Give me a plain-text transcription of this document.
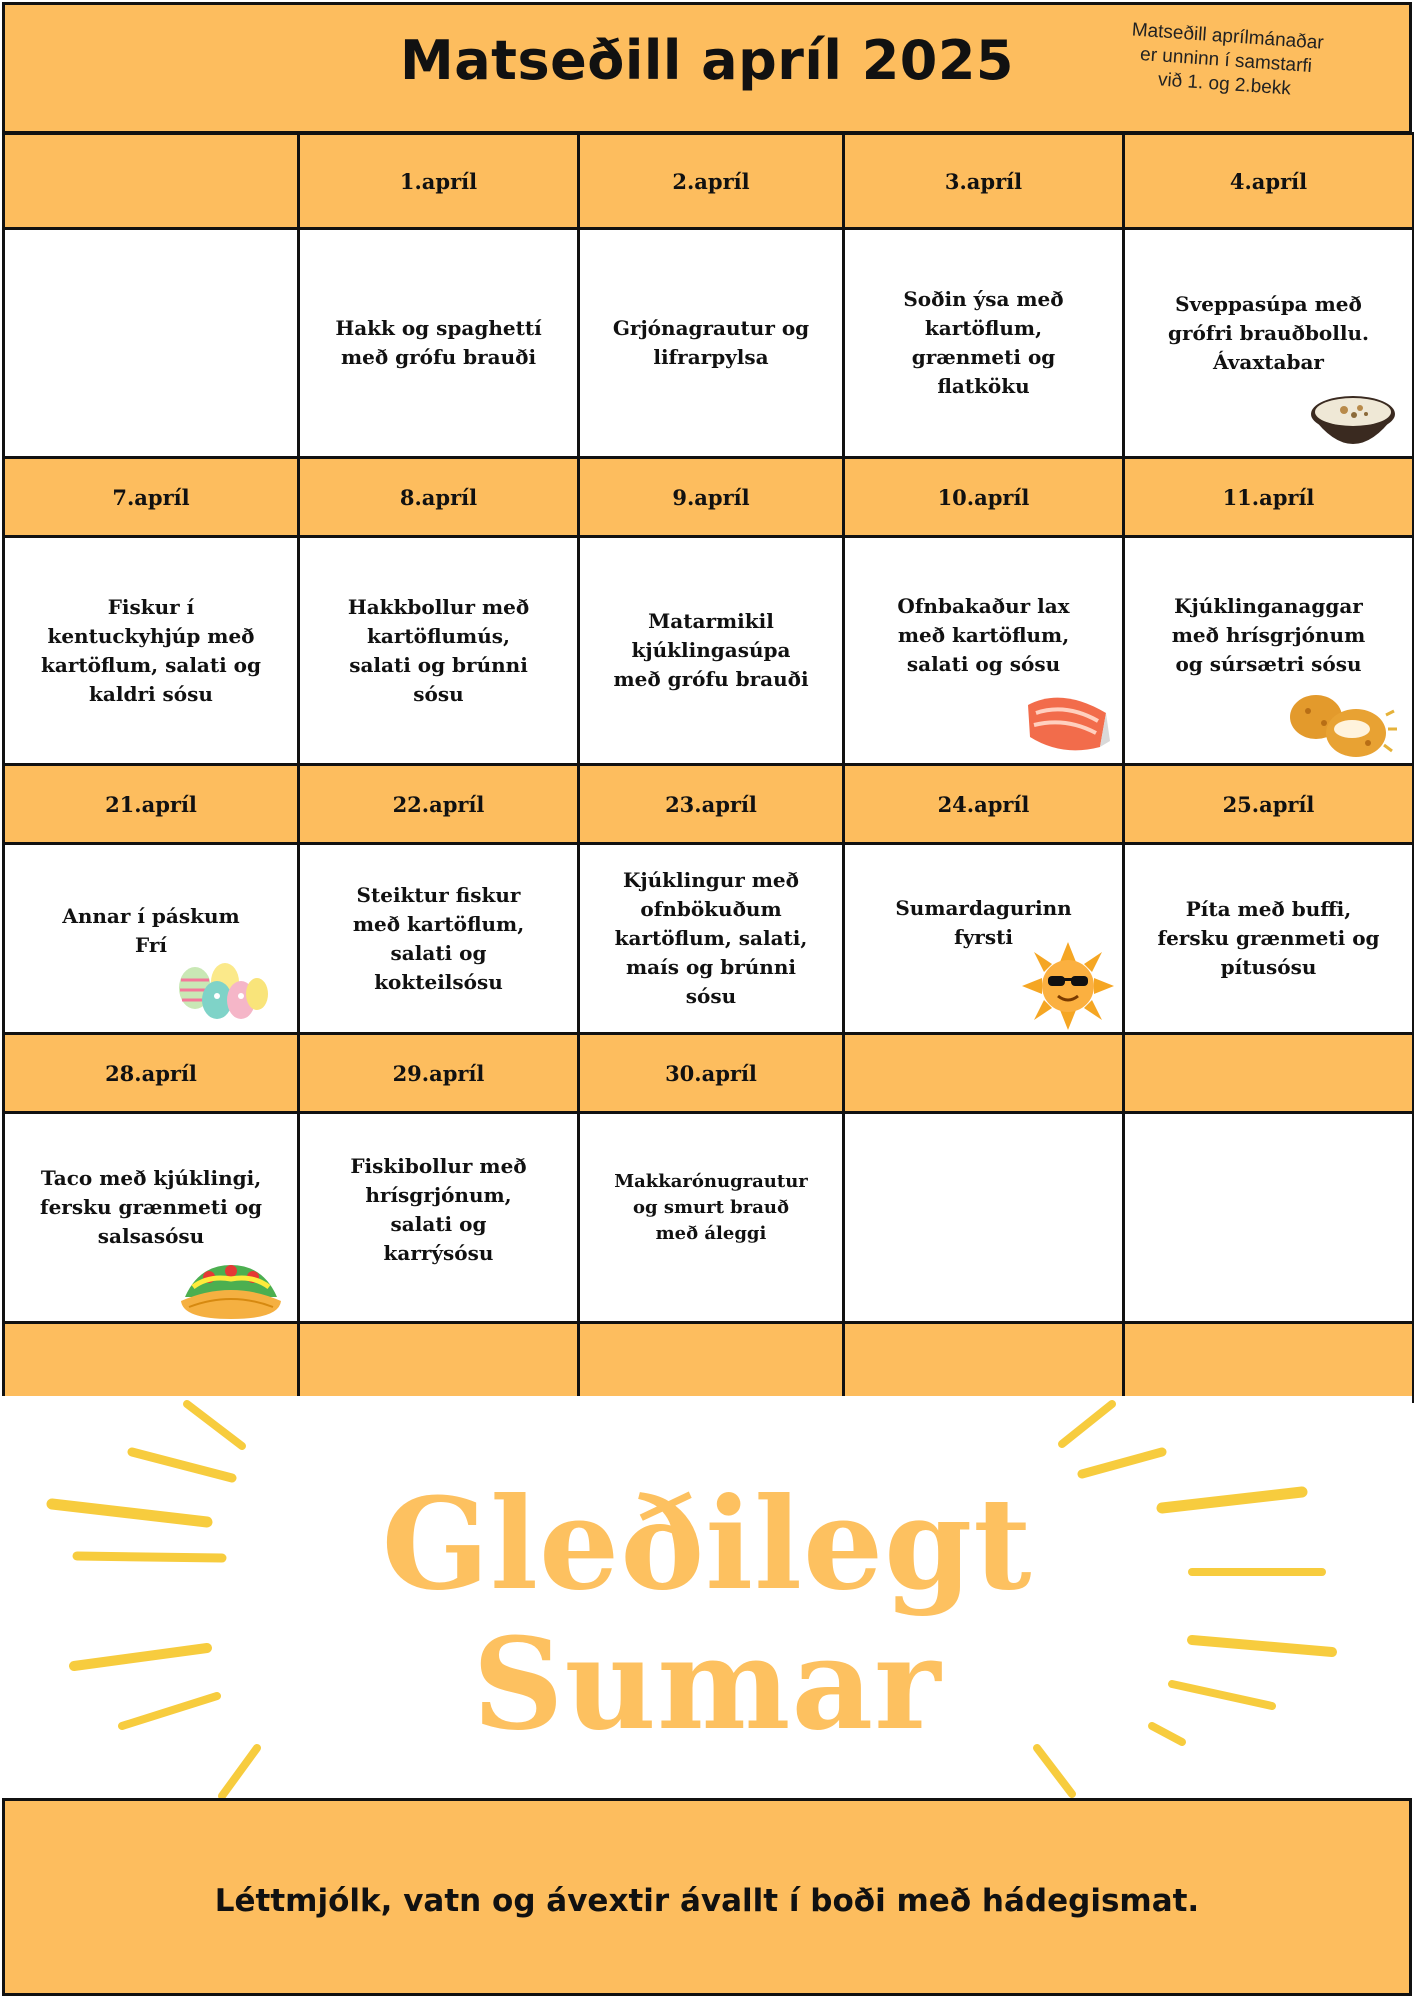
Matseðill apríl 2025	Matseðill aprílmánaðar
er unninn í samstarfi
við 1. og 2.bekk
	1.apríl	2.apríl	3.apríl	4.apríl

	Hakk og spaghettí
með grófu brauði	Grjónagrautur og
lifrarpylsa	Soðin ýsa með
kartöflum,
grænmeti og
flatköku	Sveppasúpa með
grófri brauðbollu.
Ávaxtabar

7.apríl	8.apríl	9.apríl	10.apríl	11.apríl

Fiskur í
kentuckyhjúp með
kartöflum, salati og
kaldri sósu	Hakkbollur með
kartöflumús,
salati og brúnni
sósu	Matarmikil
kjúklingasúpa
með grófu brauði	Ofnbakaður lax
með kartöflum,
salati og sósu	Kjúklinganaggar
með hrísgrjónum
og súrsætri sósu

21.apríl	22.apríl	23.apríl	24.apríl	25.apríl

Annar í páskum
Frí	Steiktur fiskur
með kartöflum,
salati og
kokteilsósu	Kjúklingur með
ofnbökuðum
kartöflum, salati,
maís og brúnni
sósu	Sumardagurinn
fyrsti	Píta með buffi,
fersku grænmeti og
pítusósu

28.apríl	29.apríl	30.apríl		

Taco með kjúklingi,
fersku grænmeti og
salsasósu	Fiskibollur með
hrísgrjónum,
salati og
karrýsósu	Makkarónugrautur
og smurt brauð
með áleggi		

Gleðilegt
Sumar
Léttmjólk, vatn og ávextir ávallt í boði með hádegismat.
